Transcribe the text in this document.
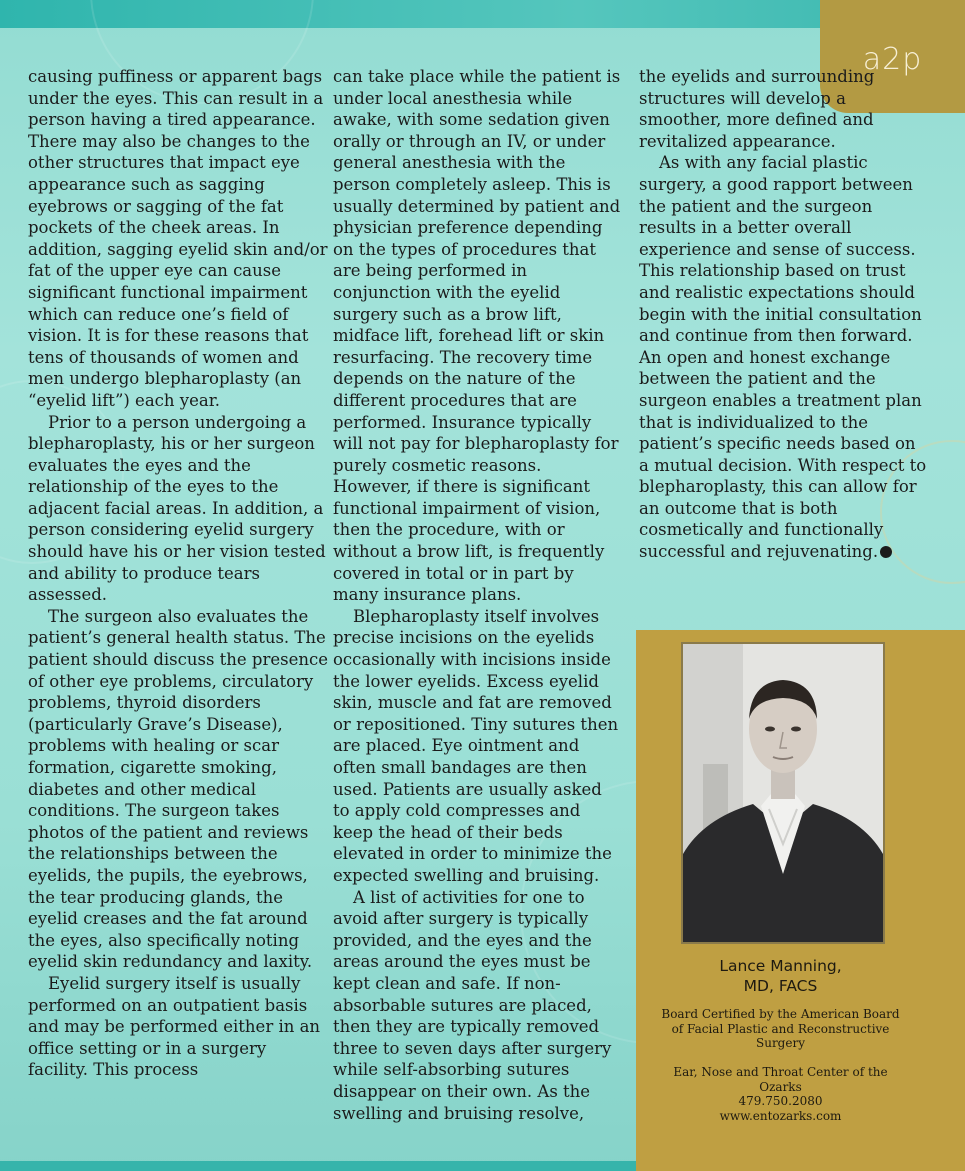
a2p

causing puffiness or apparent bags under the eyes. This can result in a person having a tired appearance. There may also be changes to the other structures that impact eye appearance such as sagging eyebrows or sagging of the fat pockets of the cheek areas. In addition, sagging eyelid skin and/or fat of the upper eye can cause significant functional impairment which can reduce one’s field of vision. It is for these reasons that tens of thousands of women and men undergo blepharoplasty (an “eyelid lift”) each year.

Prior to a person undergoing a blepharoplasty, his or her surgeon evaluates the eyes and the relationship of the eyes to the adjacent facial areas. In addition, a person considering eyelid surgery should have his or her vision tested and ability to produce tears assessed.

The surgeon also evaluates the patient’s general health status. The patient should discuss the presence of other eye problems, circulatory problems, thyroid disorders (particularly Grave’s Disease), problems with healing or scar formation, cigarette smoking, diabetes and other medical conditions. The surgeon takes photos of the patient and reviews the relationships between the eyelids, the pupils, the eyebrows, the tear producing glands, the eyelid creases and the fat around the eyes, also specifically noting eyelid skin redundancy and laxity.

Eyelid surgery itself is usually performed on an outpatient basis and may be performed either in an office setting or in a surgery facility. This process

can take place while the patient is under local anesthesia while awake, with some sedation given orally or through an IV, or under general anesthesia with the person completely asleep. This is usually determined by patient and physician preference depending on the types of procedures that are being performed in conjunction with the eyelid surgery such as a brow lift, midface lift, forehead lift or skin resurfacing. The recovery time depends on the nature of the different procedures that are performed. Insurance typically will not pay for blepharoplasty for purely cosmetic reasons. However, if there is significant functional impairment of vision, then the procedure, with or without a brow lift, is frequently covered in total or in part by many insurance plans.

Blepharoplasty itself involves precise incisions on the eyelids occasionally with incisions inside the lower eyelids. Excess eyelid skin, muscle and fat are removed or repositioned. Tiny sutures then are placed. Eye ointment and often small bandages are then used. Patients are usually asked to apply cold compresses and keep the head of their beds elevated in order to minimize the expected swelling and bruising.

A list of activities for one to avoid after surgery is typically provided, and the eyes and the areas around the eyes must be kept clean and safe. If non-absorbable sutures are placed, then they are typically removed three to seven days after surgery while self-absorbing sutures disappear on their own. As the swelling and bruising resolve,

the eyelids and surrounding structures will develop a smoother, more defined and revitalized appearance.

As with any facial plastic surgery, a good rapport between the patient and the surgeon results in a better overall experience and sense of success. This relationship based on trust and realistic expectations should begin with the initial consultation and continue from then forward. An open and honest exchange between the patient and the surgeon enables a treatment plan that is individualized to the patient’s specific needs based on a mutual decision. With respect to blepharoplasty, this can allow for an outcome that is both cosmetically and functionally successful and rejuvenating.

Lance Manning,
MD, FACS
Board Certified by the American Board of Facial Plastic and Reconstructive Surgery
Ear, Nose and Throat Center of the Ozarks
479.750.2080
www.entozarks.com
